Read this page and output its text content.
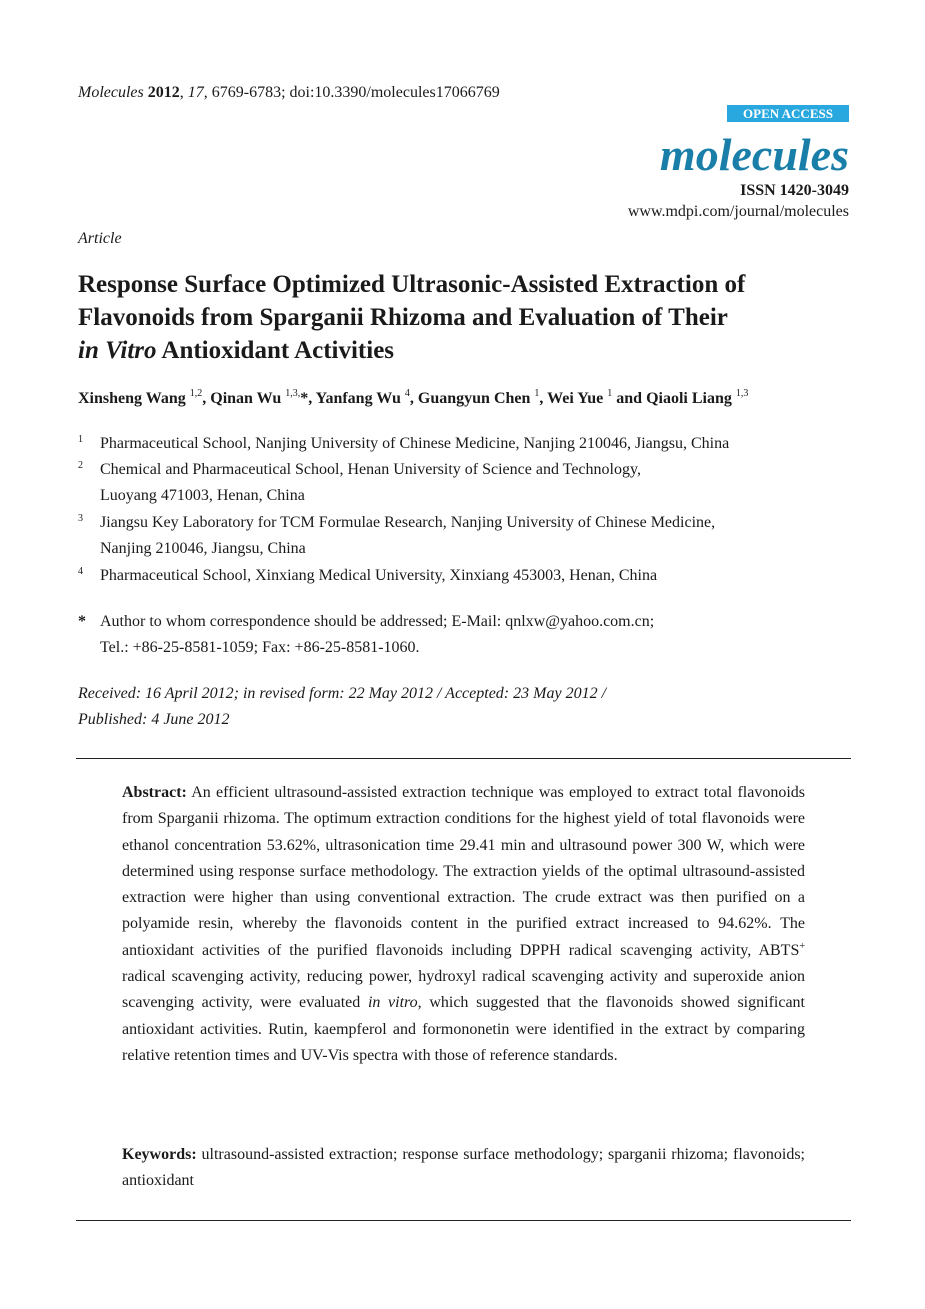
Molecules 2012, 17, 6769-6783; doi:10.3390/molecules17066769
OPEN ACCESS
molecules
ISSN 1420-3049
www.mdpi.com/journal/molecules
Article
Response Surface Optimized Ultrasonic-Assisted Extraction of
Flavonoids from Sparganii Rhizoma and Evaluation of Their
in Vitro Antioxidant Activities
Xinsheng Wang $^{1,2}$, Qinan Wu $^{1,3,}$*, Yanfang Wu $^4$, Guangyun Chen $^1$, Wei Yue $^1$ and Qiaoli Liang $^{1,3}$
1 Pharmaceutical School, Nanjing University of Chinese Medicine, Nanjing 210046, Jiangsu, China
2 Chemical and Pharmaceutical School, Henan University of Science and Technology,
Luoyang 471003, Henan, China
3 Jiangsu Key Laboratory for TCM Formulae Research, Nanjing University of Chinese Medicine,
Nanjing 210046, Jiangsu, China
4 Pharmaceutical School, Xinxiang Medical University, Xinxiang 453003, Henan, China
* Author to whom correspondence should be addressed; E-Mail: qnlxw@yahoo.com.cn;
Tel.: +86-25-8581-1059; Fax: +86-25-8581-1060.
Received: 16 April 2012; in revised form: 22 May 2012 / Accepted: 23 May 2012 /
Published: 4 June 2012
Abstract: An efficient ultrasound-assisted extraction technique was employed to extract total flavonoids from Sparganii rhizoma. The optimum extraction conditions for the highest yield of total flavonoids were ethanol concentration 53.62%, ultrasonication time 29.41 min and ultrasound power 300 W, which were determined using response surface methodology. The extraction yields of the optimal ultrasound-assisted extraction were higher than using conventional extraction. The crude extract was then purified on a polyamide resin, whereby the flavonoids content in the purified extract increased to 94.62%. The antioxidant activities of the purified flavonoids including DPPH radical scavenging activity, ABTS+ radical scavenging activity, reducing power, hydroxyl radical scavenging activity and superoxide anion scavenging activity, were evaluated in vitro, which suggested that the flavonoids showed significant antioxidant activities. Rutin, kaempferol and formononetin were identified in the extract by comparing relative retention times and UV-Vis spectra with those of reference standards.
Keywords: ultrasound-assisted extraction; response surface methodology; sparganii rhizoma; flavonoids; antioxidant
